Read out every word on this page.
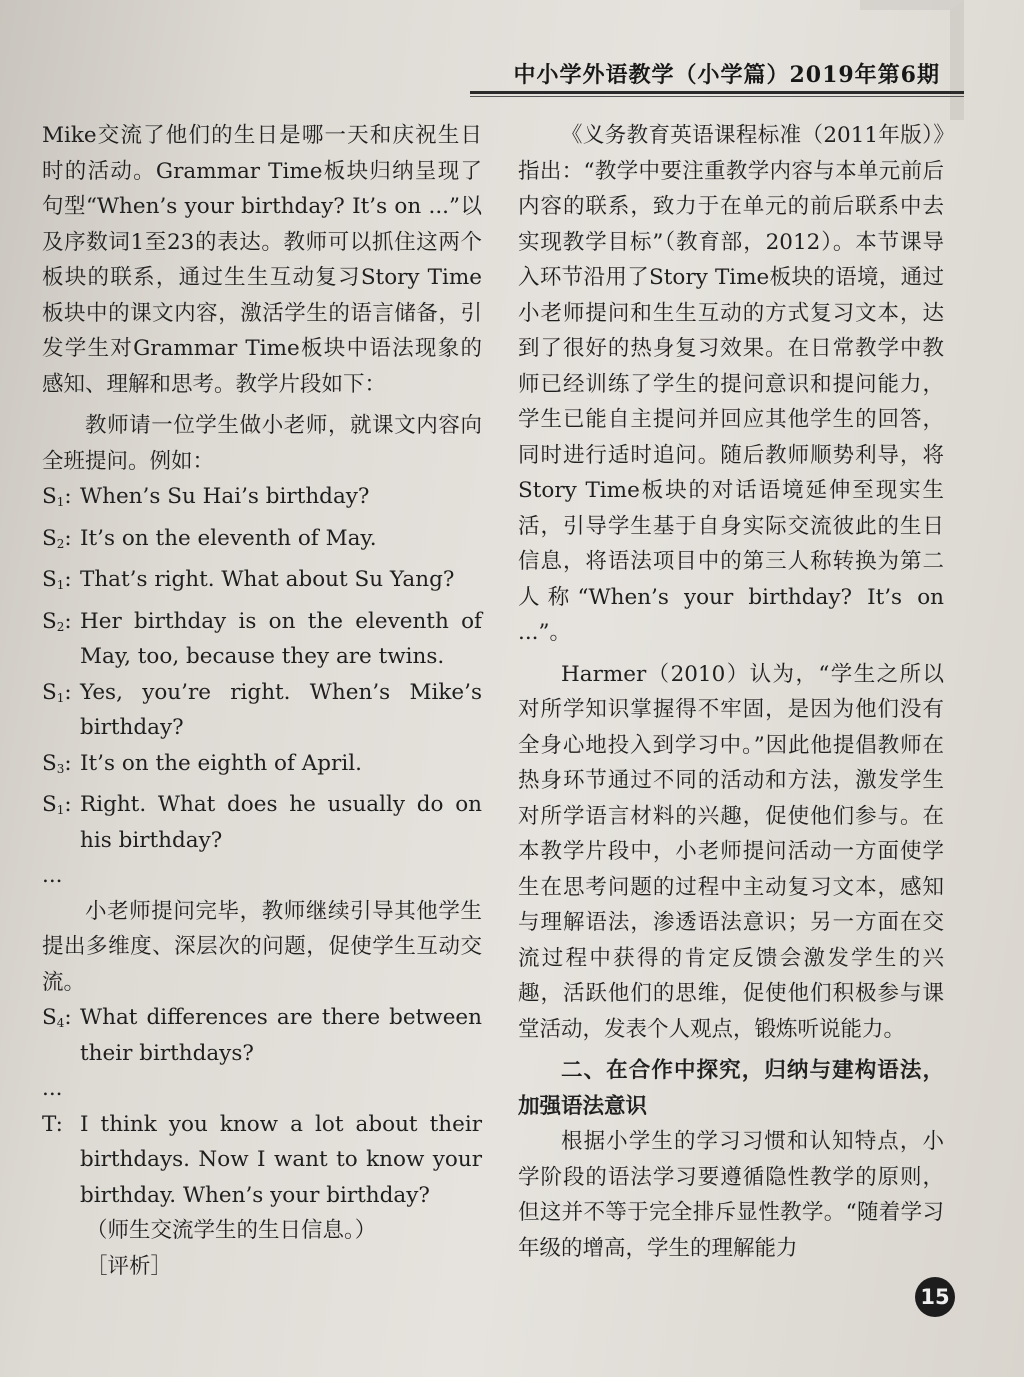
中小学外语教学（小学篇）2019年第6期

Mike交流了他们的生日是哪一天和庆祝生日时的活动。Grammar Time板块归纳呈现了句型“When’s your birthday? It’s on ...”以及序数词1至23的表达。教师可以抓住这两个板块的联系，通过生生互动复习Story Time板块中的课文内容，激活学生的语言储备，引发学生对Grammar Time板块中语法现象的感知、理解和思考。教学片段如下：

教师请一位学生做小老师，就课文内容向全班提问。例如：

$S_1$: When’s Su Hai’s birthday?
$S_2$: It’s on the eleventh of May.
$S_1$: That’s right. What about Su Yang?
$S_2$: Her birthday is on the eleventh of May, too, because they are twins.
$S_1$: Yes, you’re right. When’s Mike’s birthday?
$S_3$: It’s on the eighth of April.
$S_1$: Right. What does he usually do on his birthday?

...

小老师提问完毕，教师继续引导其他学生提出多维度、深层次的问题，促使学生互动交流。

$S_4$: What differences are there between their birthdays?

...

T: I think you know a lot about their birthdays. Now I want to know your birthday. When’s your birthday?

（师生交流学生的生日信息。）

［评析］

《义务教育英语课程标准（2011年版）》指出：“教学中要注重教学内容与本单元前后内容的联系，致力于在单元的前后联系中去实现教学目标”（教育部，2012）。本节课导入环节沿用了Story Time板块的语境，通过小老师提问和生生互动的方式复习文本，达到了很好的热身复习效果。在日常教学中教师已经训练了学生的提问意识和提问能力，学生已能自主提问并回应其他学生的回答，同时进行适时追问。随后教师顺势利导，将Story Time板块的对话语境延伸至现实生活，引导学生基于自身实际交流彼此的生日信息，将语法项目中的第三人称转换为第二人称“When’s your birthday? It’s on ...”。

Harmer（2010）认为，“学生之所以对所学知识掌握得不牢固，是因为他们没有全身心地投入到学习中。”因此他提倡教师在热身环节通过不同的活动和方法，激发学生对所学语言材料的兴趣，促使他们参与。在本教学片段中，小老师提问活动一方面使学生在思考问题的过程中主动复习文本，感知与理解语法，渗透语法意识；另一方面在交流过程中获得的肯定反馈会激发学生的兴趣，活跃他们的思维，促使他们积极参与课堂活动，发表个人观点，锻炼听说能力。

二、在合作中探究，归纳与建构语法，加强语法意识

根据小学生的学习习惯和认知特点，小学阶段的语法学习要遵循隐性教学的原则，但这并不等于完全排斥显性教学。“随着学习年级的增高，学生的理解能力

15
